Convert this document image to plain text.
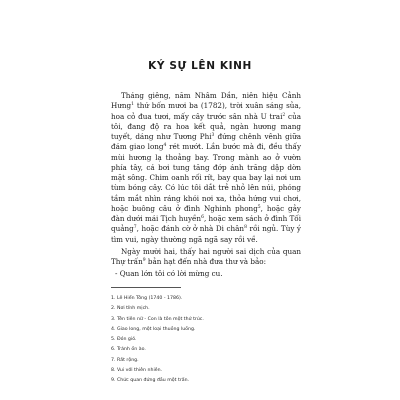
KÝ SỰ LÊN KINH

Tháng giêng, năm Nhâm Dần, niên hiệu Cảnh Hưng$^1$ thứ bốn mươi ba (1782), trời xuân sáng sủa, hoa cỏ đua tươi, mấy cây trước sân nhà U trai$^2$ của tôi, đang độ ra hoa kết quả, ngàn hương mang tuyết, dáng như Tương Phi$^3$ đứng chênh vênh giữa đám giao long$^4$ rét mướt. Lần bước mà đi, đều thấy mùi hương lạ thoảng bay. Trong mành ao ở vườn phía tây, cá bơi tung tăng đớp ánh trăng dập dờn mặt sông. Chim oanh rối rít, bay qua bay lại nơi um tùm bóng cây. Có lúc tôi dắt trẻ nhỏ lên núi, phóng tầm mắt nhìn ráng khói nơi xa, thỏa hứng vui chơi, hoặc buông câu ở đình Nghinh phong$^5$, hoặc gảy đàn dưới mái Tịch huyền$^6$, hoặc xem sách ở đình Tối quảng$^7$, hoặc đánh cờ ở nhà Di chân$^8$ rồi ngủ. Tùy ý tìm vui, ngày thường ngã ngã say rồi về.

Ngày mười hai, thấy hai người sai dịch của quan Thự trấn$^9$ bản hạt đến nhà đưa thư và bảo:

- Quan lớn tôi có lời mừng cu.

1. Lê Hiển Tông (1740 - 1786).
2. Nơi tĩnh mịch.
3. Tên tiên nữ - Con là tôn một thứ trúc.
4. Giao long, một loại thuồng luồng.
5. Đón gió.
6. Tránh ồn ào.
7. Rất rộng.
8. Vui với thiên nhiên.
9. Chức quan đứng đầu một trấn.
